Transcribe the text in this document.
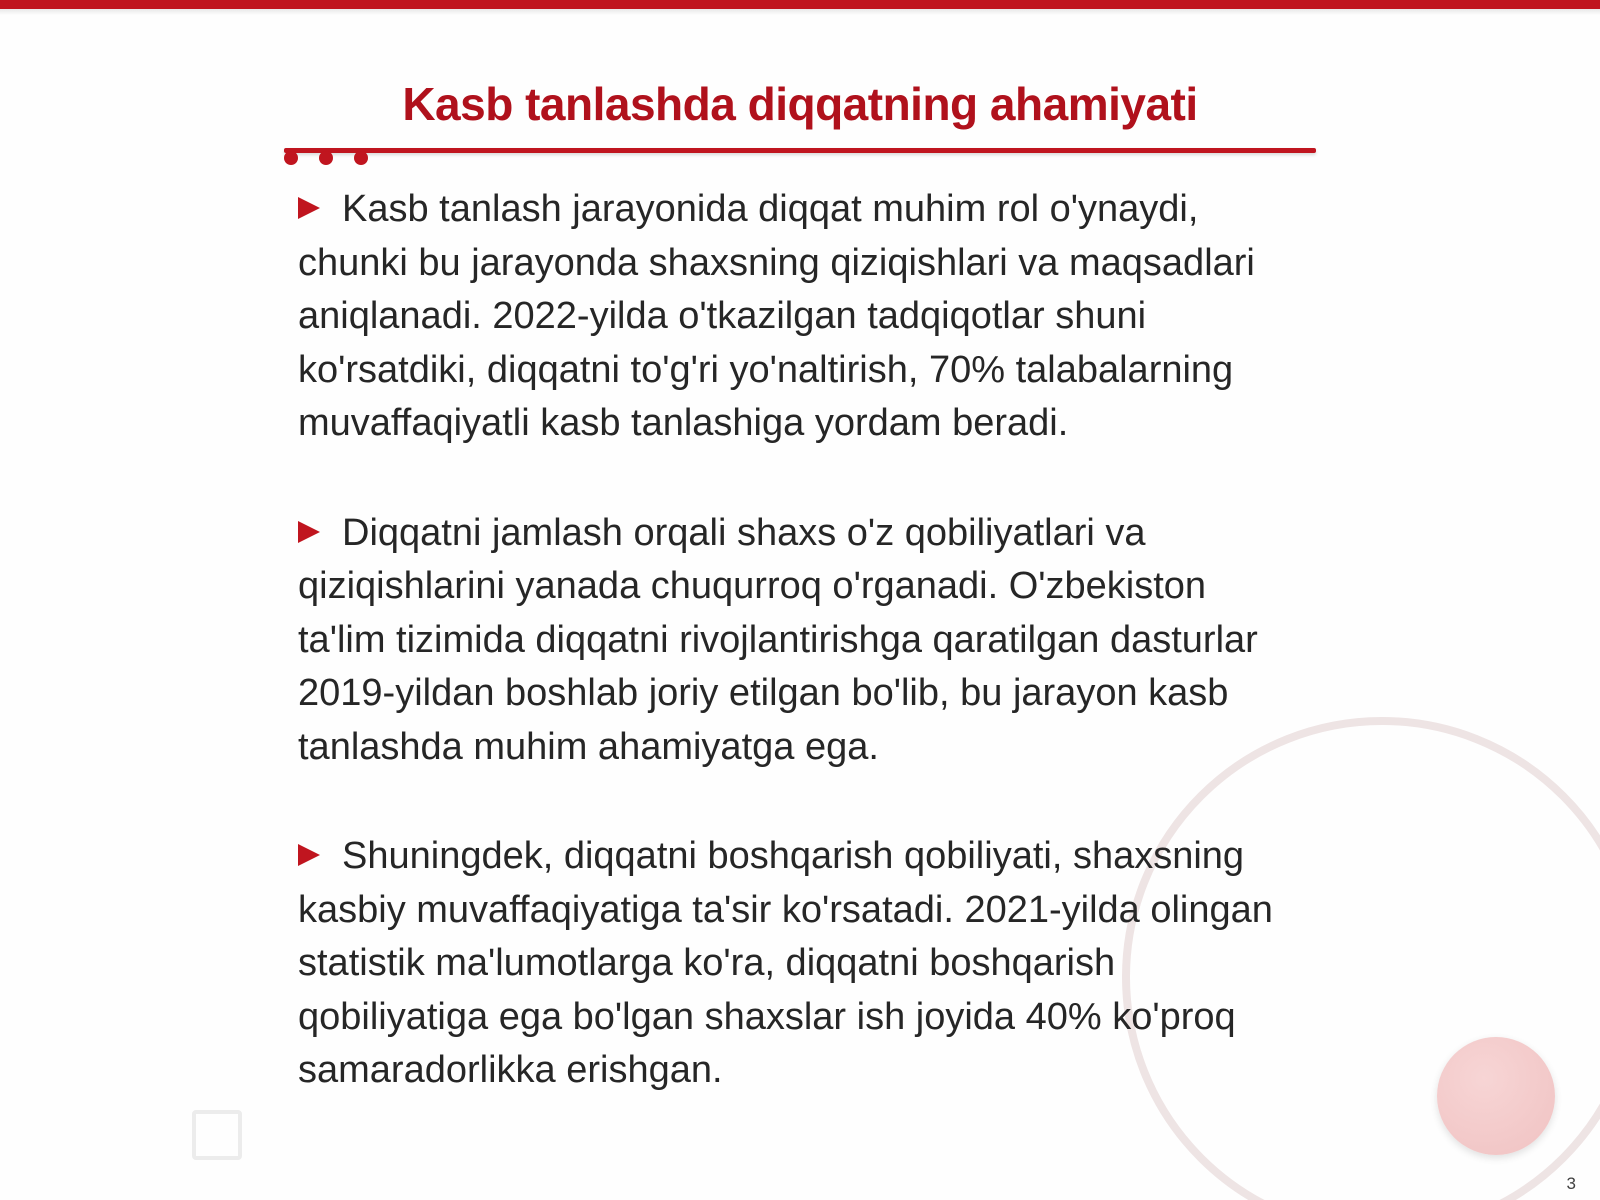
Kasb tanlashda diqqatning ahamiyati

Kasb tanlash jarayonida diqqat muhim rol o'ynaydi, chunki bu jarayonda shaxsning qiziqishlari va maqsadlari aniqlanadi. 2022-yilda o'tkazilgan tadqiqotlar shuni ko'rsatdiki, diqqatni to'g'ri yo'naltirish, 70% talabalarning muvaffaqiyatli kasb tanlashiga yordam beradi.

Diqqatni jamlash orqali shaxs o'z qobiliyatlari va qiziqishlarini yanada chuqurroq o'rganadi. O'zbekiston ta'lim tizimida diqqatni rivojlantirishga qaratilgan dasturlar 2019-yildan boshlab joriy etilgan bo'lib, bu jarayon kasb tanlashda muhim ahamiyatga ega.

Shuningdek, diqqatni boshqarish qobiliyati, shaxsning kasbiy muvaffaqiyatiga ta'sir ko'rsatadi. 2021-yilda olingan statistik ma'lumotlarga ko'ra, diqqatni boshqarish qobiliyatiga ega bo'lgan shaxslar ish joyida 40% ko'proq samaradorlikka erishgan.

3
